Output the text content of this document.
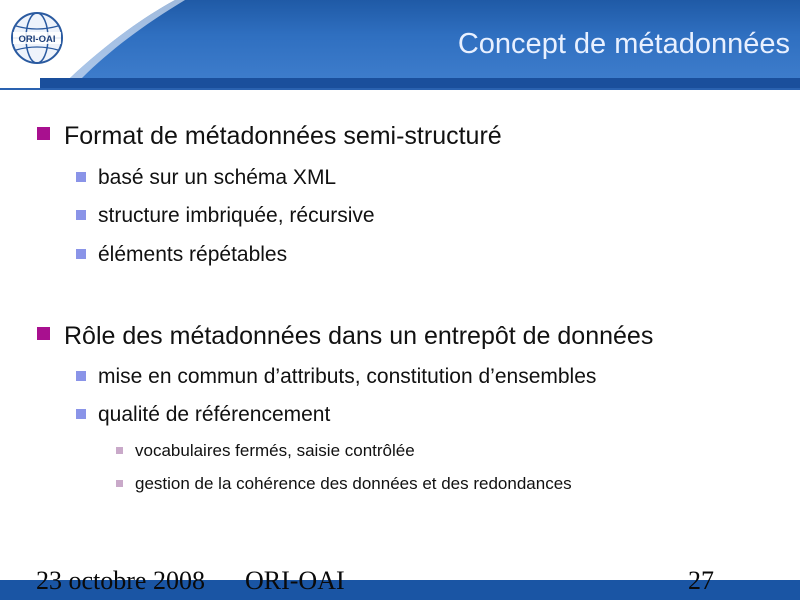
ORI-OAI	Concept de métadonnées
Format de métadonnées semi-structuré
basé sur un schéma XML
structure imbriquée, récursive
éléments répétables
Rôle des métadonnées dans un entrepôt de données
mise en commun d’attributs, constitution d’ensembles
qualité de référencement
vocabulaires fermés, saisie contrôlée
gestion de la cohérence des données et des redondances
23 octobre 2008 ORI-OAI	27
